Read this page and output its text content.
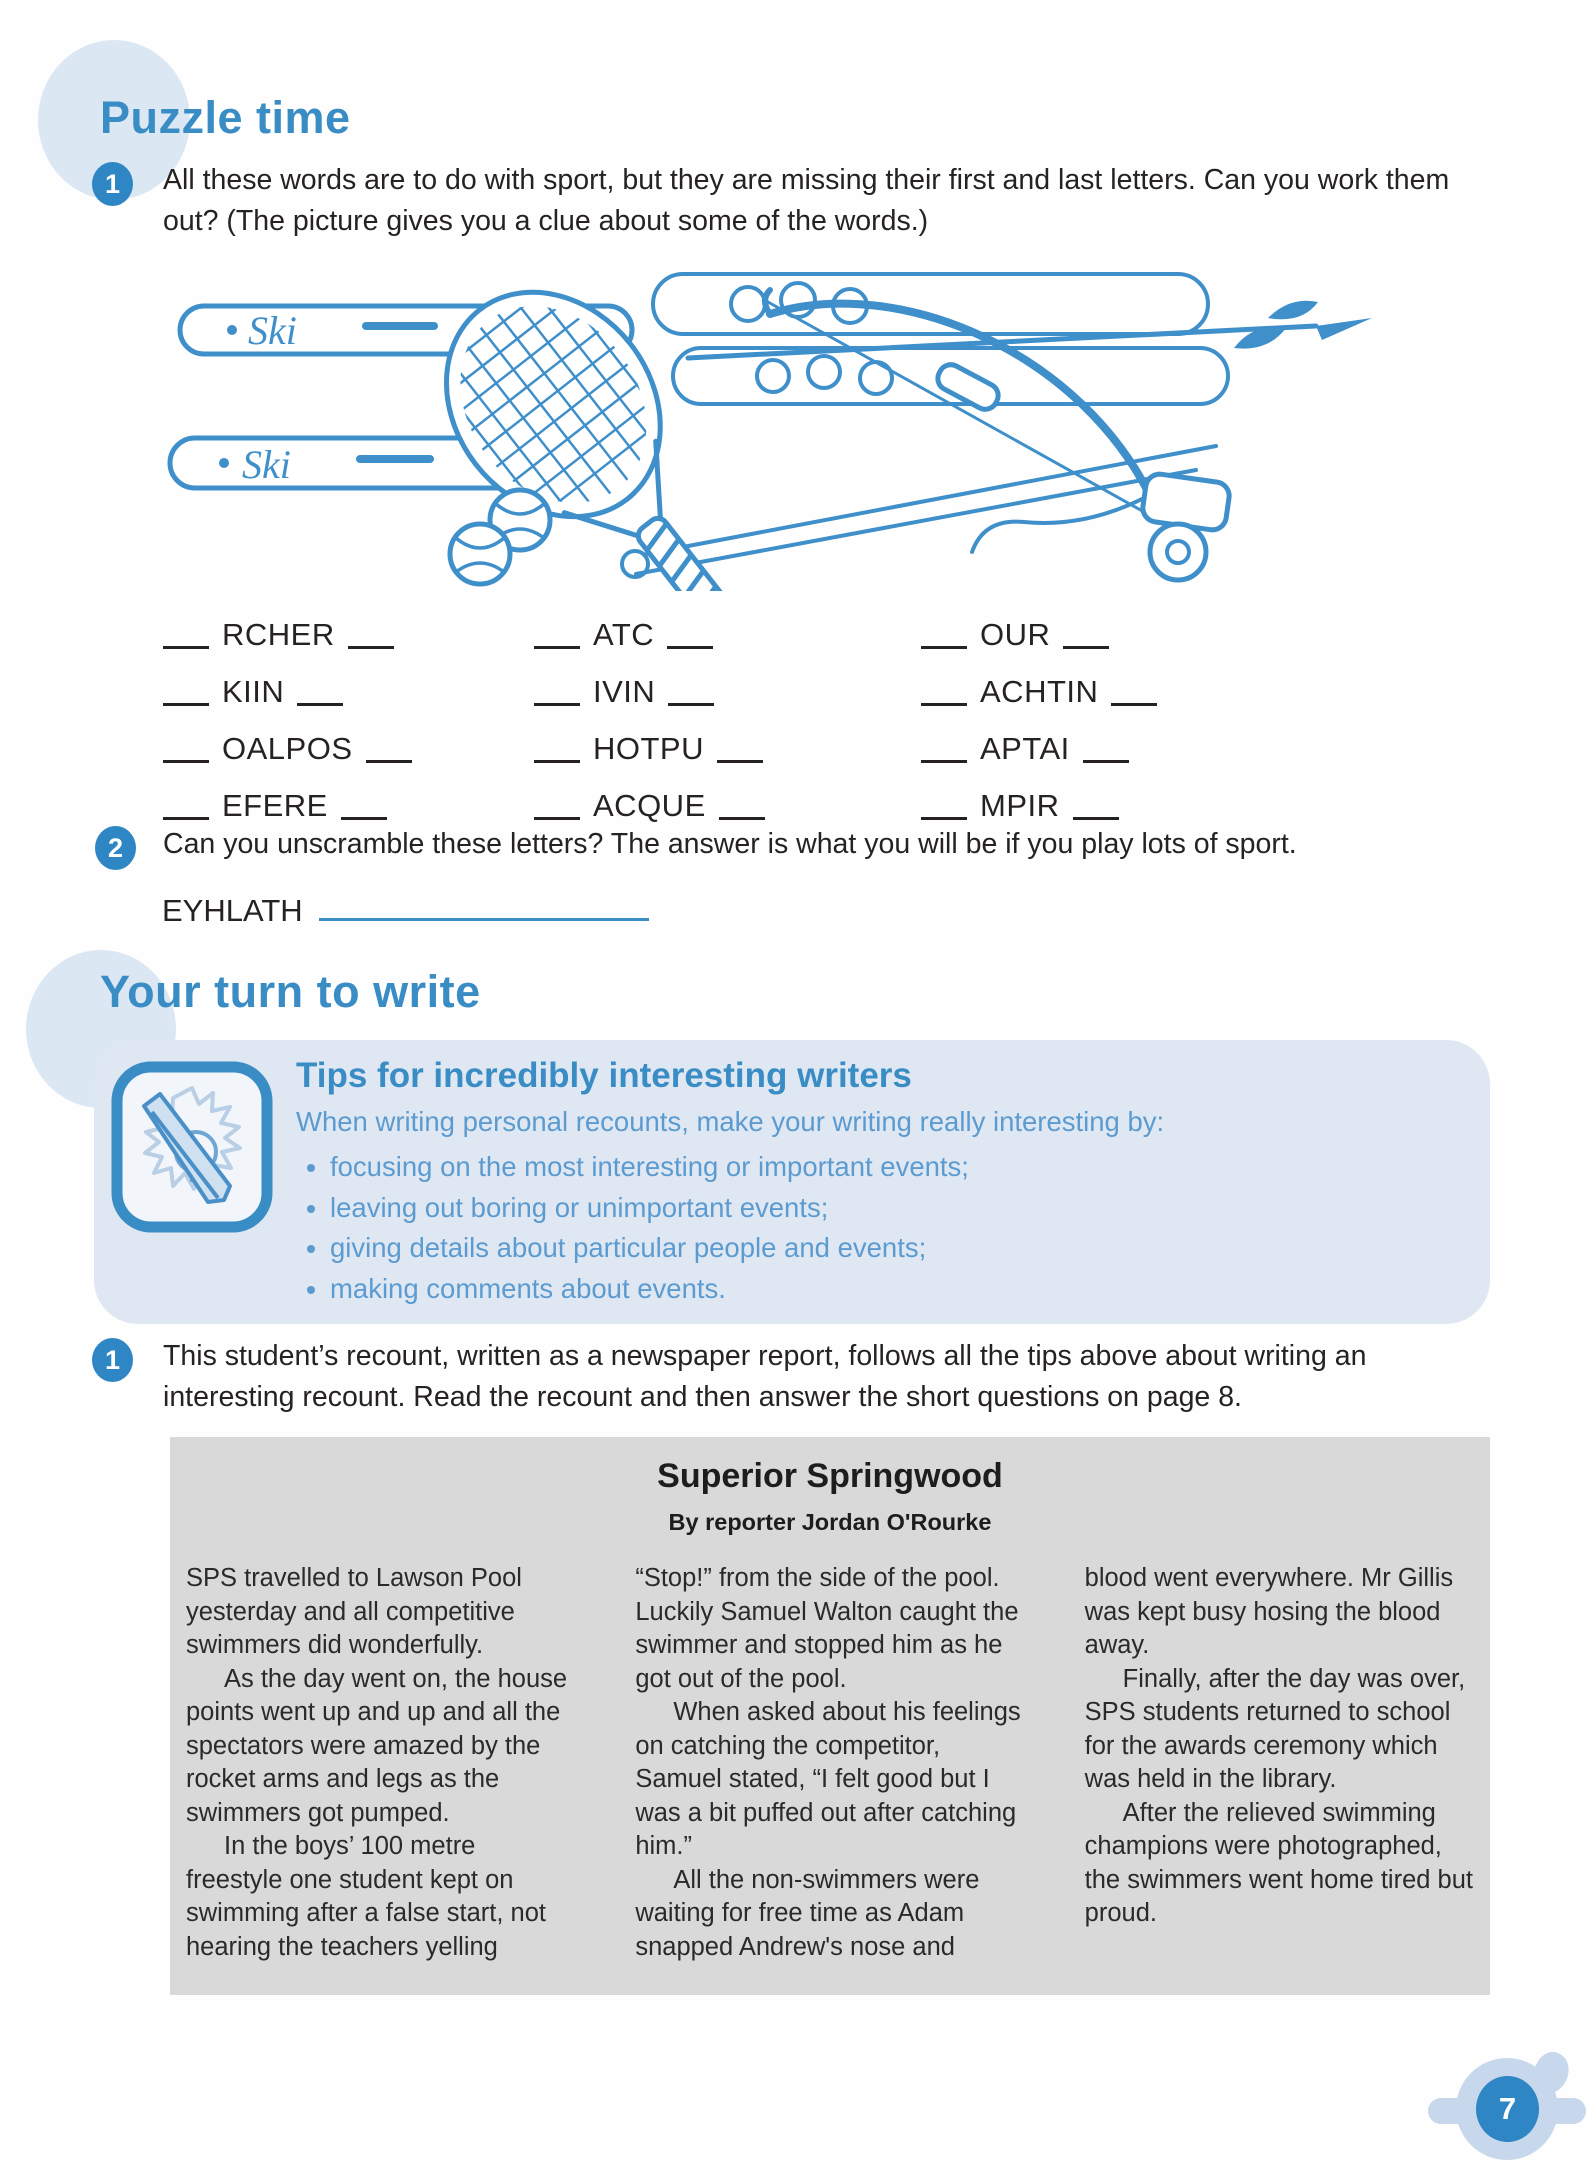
Puzzle time
1	All these words are to do with sport, but they are missing their first and last letters. Can you work them out? (The picture gives you a clue about some of the words.)
Ski
Ski
RCHER	ATC	OUR
KIIN	IVIN	ACHTIN
OALPOS	HOTPU	APTAI
EFERE	ACQUE	MPIR
2	Can you unscramble these letters? The answer is what you will be if you play lots of sport.
EYHLATH
Your turn to write

Tips for incredibly interesting writers

When writing personal recounts, make your writing really interesting by:

• focusing on the most interesting or important events;
• leaving out boring or unimportant events;
• giving details about particular people and events;
• making comments about events.
1	This student’s recount, written as a newspaper report, follows all the tips above about writing an interesting recount. Read the recount and then answer the short questions on page 8.

Superior Springwood

By reporter Jordan O'Rourke

SPS travelled to Lawson Pool yesterday and all competitive swimmers did wonderfully.

As the day went on, the house points went up and up and all the spectators were amazed by the rocket arms and legs as the swimmers got pumped.

In the boys’ 100 metre freestyle one student kept on swimming after a false start, not hearing the teachers yelling

“Stop!” from the side of the pool. Luckily Samuel Walton caught the swimmer and stopped him as he got out of the pool.

When asked about his feelings on catching the competitor, Samuel stated, “I felt good but I was a bit puffed out after catching him.”

All the non-swimmers were waiting for free time as Adam snapped Andrew's nose and

blood went everywhere. Mr Gillis was kept busy hosing the blood away.

Finally, after the day was over, SPS students returned to school for the awards ceremony which was held in the library.

After the relieved swimming champions were photographed, the swimmers went home tired but proud.

7
